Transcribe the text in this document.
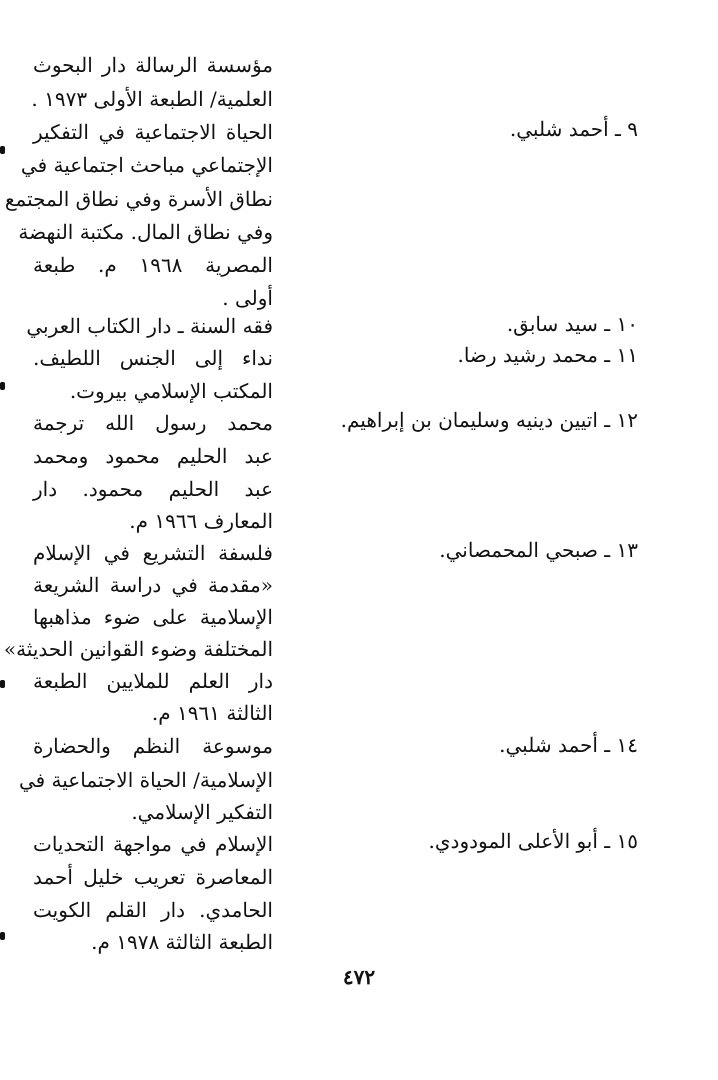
٩ ـ أحمد شلبي.
١٠ ـ سيد سابق.
١١ ـ محمد رشيد رضا.
١٢ ـ اتيين دينيه وسليمان بن إبراهيم.
١٣ ـ صبحي المحمصاني.
١٤ ـ أحمد شلبي.
١٥ ـ أبو الأعلى المودودي.
مؤسسة الرسالة دار البحوث
العلمية/ الطبعة الأولى ١٩٧٣ .
الحياة الاجتماعية في التفكير
الإجتماعي مباحث اجتماعية في
نطاق الأسرة وفي نطاق المجتمع
وفي نطاق المال. مكتبة النهضة
المصرية ١٩٦٨ م. طبعة
أولى .
فقه السنة ـ دار الكتاب العربي
نداء إلى الجنس اللطيف.
المكتب الإسلامي بيروت.
محمد رسول الله ترجمة
عبد الحليم محمود ومحمد
عبد الحليم محمود. دار
المعارف ١٩٦٦ م.
فلسفة التشريع في الإسلام
«مقدمة في دراسة الشريعة
الإسلامية على ضوء مذاهبها
المختلفة وضوء القوانين الحديثة»
دار العلم للملايين الطبعة
الثالثة ١٩٦١ م.
موسوعة النظم والحضارة
الإسلامية/ الحياة الاجتماعية في
التفكير الإسلامي.
الإسلام في مواجهة التحديات
المعاصرة تعريب خليل أحمد
الحامدي. دار القلم الكويت
الطبعة الثالثة ١٩٧٨ م.
٤٧٢
